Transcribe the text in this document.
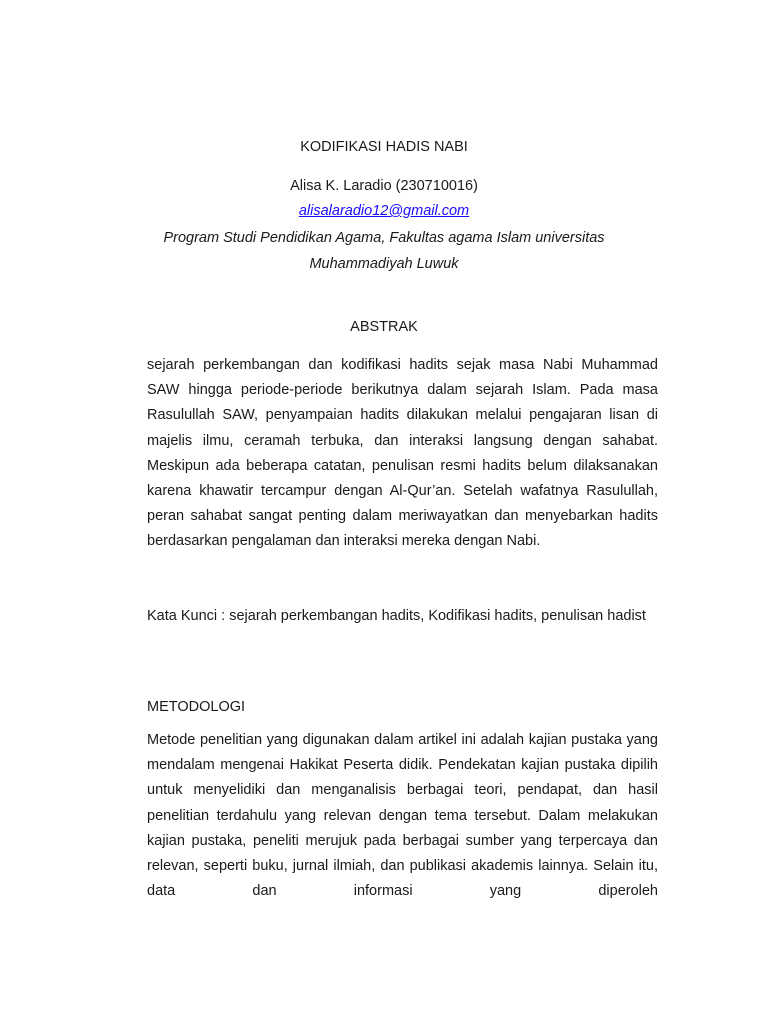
KODIFIKASI HADIS NABI
Alisa K. Laradio (230710016)
alisalaradio12@gmail.com
Program Studi Pendidikan Agama, Fakultas agama Islam universitas Muhammadiyah Luwuk
ABSTRAK
sejarah perkembangan dan kodifikasi hadits sejak masa Nabi Muhammad SAW hingga periode-periode berikutnya dalam sejarah Islam. Pada masa Rasulullah SAW, penyampaian hadits dilakukan melalui pengajaran lisan di majelis ilmu, ceramah terbuka, dan interaksi langsung dengan sahabat. Meskipun ada beberapa catatan, penulisan resmi hadits belum dilaksanakan karena khawatir tercampur dengan Al-Qur’an. Setelah wafatnya Rasulullah, peran sahabat sangat penting dalam meriwayatkan dan menyebarkan hadits berdasarkan pengalaman dan interaksi mereka dengan Nabi.
Kata Kunci : sejarah perkembangan hadits, Kodifikasi hadits, penulisan hadist
METODOLOGI
Metode penelitian yang digunakan dalam artikel ini adalah kajian pustaka yang mendalam mengenai Hakikat Peserta didik. Pendekatan kajian pustaka dipilih untuk menyelidiki dan menganalisis berbagai teori, pendapat, dan hasil penelitian terdahulu yang relevan dengan tema tersebut. Dalam melakukan kajian pustaka, peneliti merujuk pada berbagai sumber yang terpercaya dan relevan, seperti buku, jurnal ilmiah, dan publikasi akademis lainnya. Selain itu, data dan informasi yang diperoleh
